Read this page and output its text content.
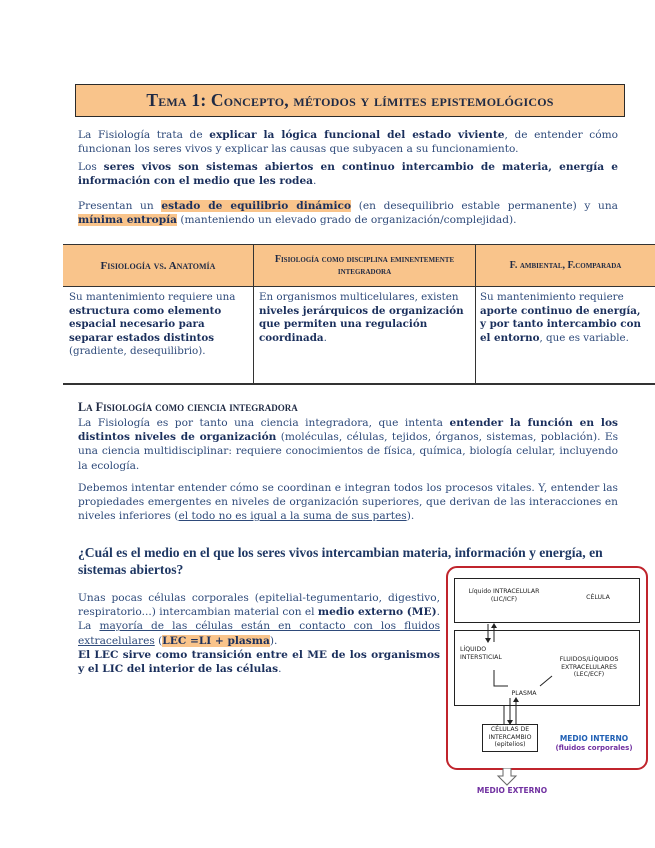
Tema 1: Concepto, métodos y límites epistemológicos
La Fisiología trata de explicar la lógica funcional del estado viviente, de entender cómo funcionan los seres vivos y explicar las causas que subyacen a su funcionamiento.
Los seres vivos son sistemas abiertos en continuo intercambio de materia, energía e información con el medio que les rodea.
Presentan un estado de equilibrio dinámico (en desequilibrio estable permanente) y una mínima entropía (manteniendo un elevado grado de organización/complejidad).
Fisiología vs. Anatomía
Fisiología como disciplina eminentemente integradora
F. ambiental, F.comparada
Su mantenimiento requiere una estructura como elemento espacial necesario para separar estados distintos (gradiente, desequilibrio).
En organismos multicelulares, existen niveles jerárquicos de organización que permiten una regulación coordinada.
Su mantenimiento requiere aporte continuo de energía, y por tanto intercambio con el entorno, que es variable.
La Fisiología como ciencia integradora
La Fisiología es por tanto una ciencia integradora, que intenta entender la función en los distintos niveles de organización (moléculas, células, tejidos, órganos, sistemas, población). Es una ciencia multidisciplinar: requiere conocimientos de física, química, biología celular, incluyendo la ecología.
Debemos intentar entender cómo se coordinan e integran todos los procesos vitales. Y, entender las propiedades emergentes en niveles de organización superiores, que derivan de las interacciones en niveles inferiores (el todo no es igual a la suma de sus partes).
¿Cuál es el medio en el que los seres vivos intercambian materia, información y energía, en sistemas abiertos?
Unas pocas células corporales (epitelial-tegumentario, digestivo, respiratorio...) intercambian material con el medio externo (ME).
La mayoría de las células están en contacto con los fluidos extracelulares (LEC =LI + plasma).
El LEC sirve como transición entre el ME de los organismos y el LIC del interior de las células.
Líquido INTRACELULAR (LIC/ICF)	CÉLULA
LÍQUIDO INTERSTICIAL
PLASMA
FLUIDOS/LÍQUIDOS EXTRACELULARES (LEC/ECF)
CÉLULAS DE INTERCAMBIO (epitelios)
MEDIO INTERNO
(fluidos corporales)
MEDIO EXTERNO
